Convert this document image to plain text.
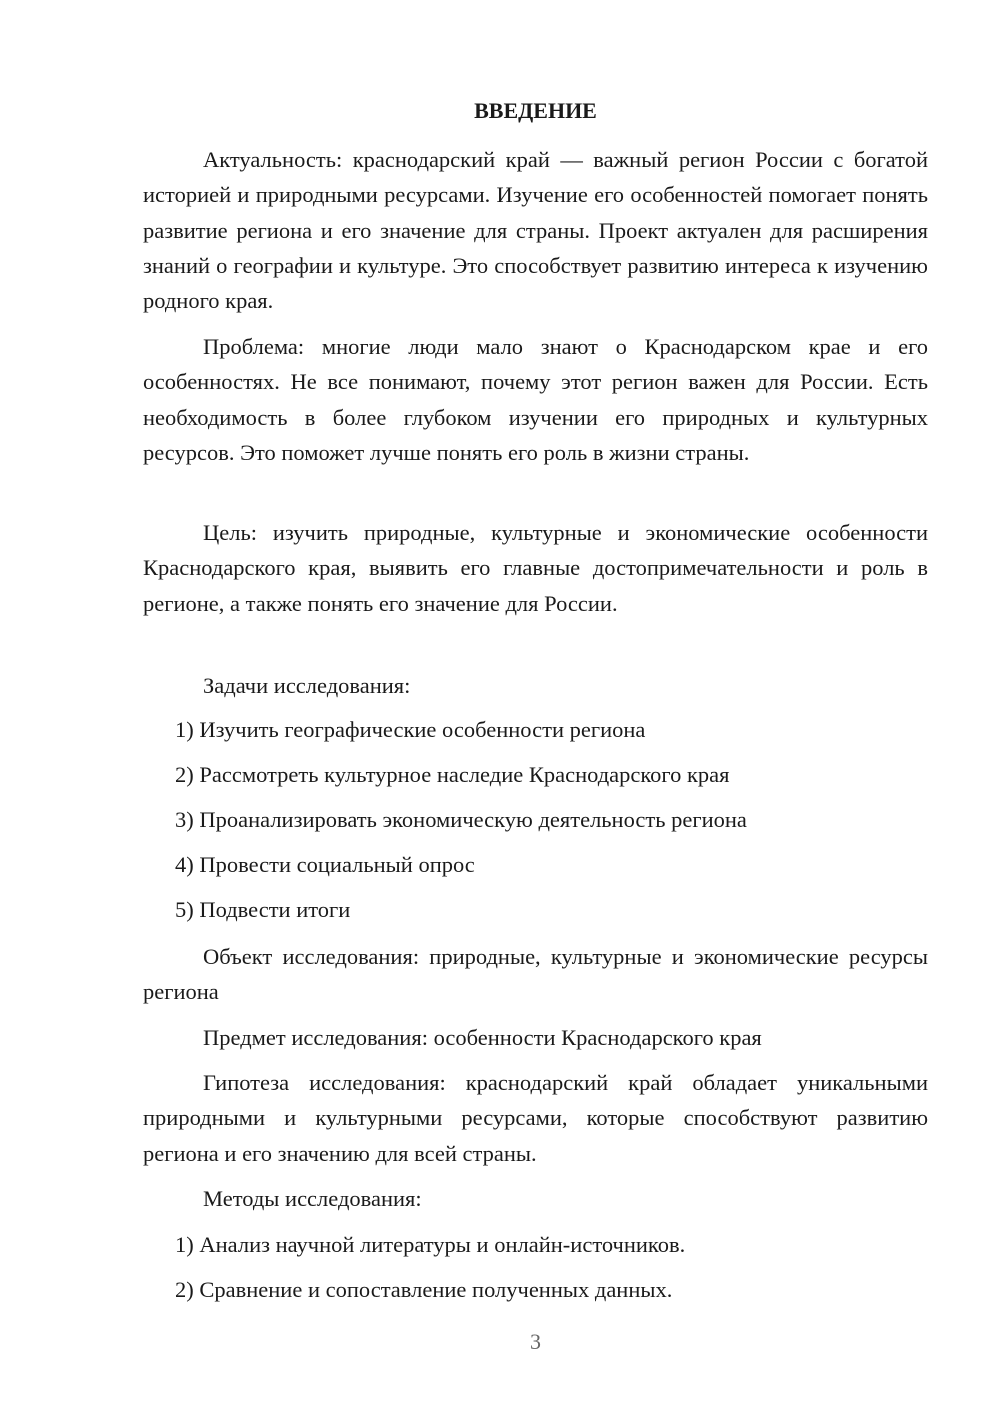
ВВЕДЕНИЕ

Актуальность: краснодарский край — важный регион России с богатой историей и природными ресурсами. Изучение его особенностей помогает понять развитие региона и его значение для страны. Проект актуален для расширения знаний о географии и культуре. Это способствует развитию интереса к изучению родного края.

Проблема: многие люди мало знают о Краснодарском крае и его особенностях. Не все понимают, почему этот регион важен для России. Есть необходимость в более глубоком изучении его природных и культурных ресурсов. Это поможет лучше понять его роль в жизни страны.

Цель: изучить природные, культурные и экономические особенности Краснодарского края, выявить его главные достопримечательности и роль в регионе, а также понять его значение для России.

Задачи исследования:

1) Изучить географические особенности региона

2) Рассмотреть культурное наследие Краснодарского края

3) Проанализировать экономическую деятельность региона

4) Провести социальный опрос

5) Подвести итоги

Объект исследования: природные, культурные и экономические ресурсы региона

Предмет исследования: особенности Краснодарского края

Гипотеза исследования: краснодарский край обладает уникальными природными и культурными ресурсами, которые способствуют развитию региона и его значению для всей страны.

Методы исследования:

1) Анализ научной литературы и онлайн-источников.

2) Сравнение и сопоставление полученных данных.

3
